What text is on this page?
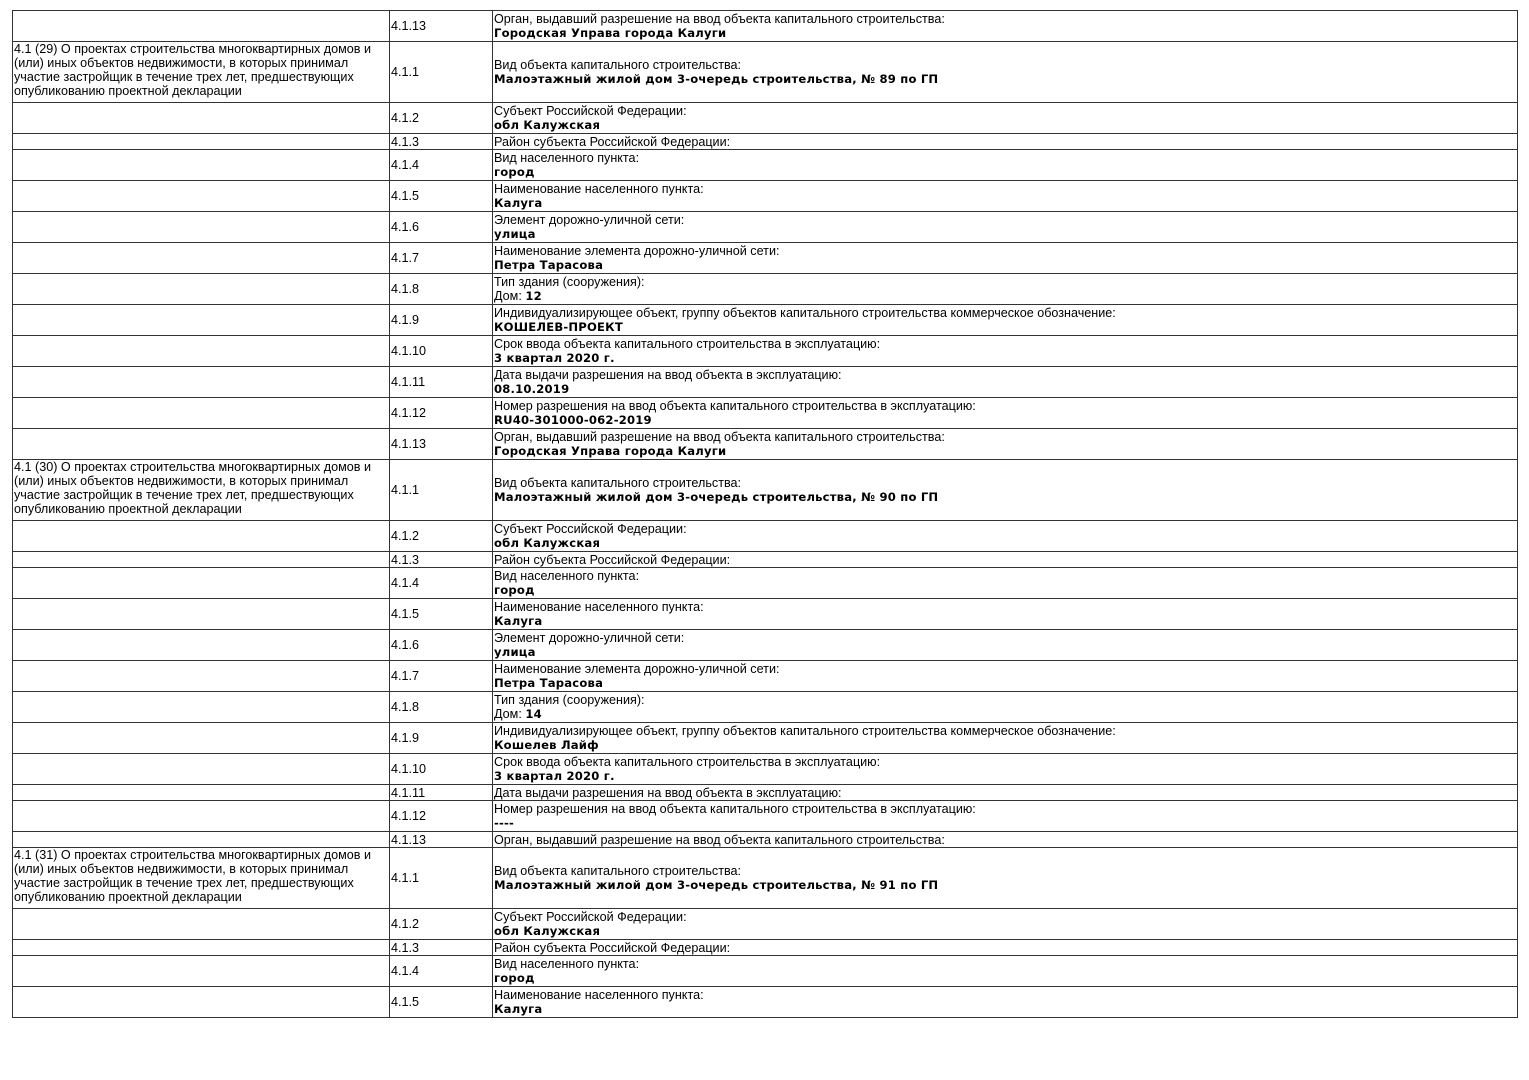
	4.1.13	Орган, выдавший разрешение на ввод объекта капитального строительства:
Городская Управа города Калуги

4.1 (29) О проектах строительства многоквартирных домов и (или) иных объектов недвижимости, в которых принимал участие застройщик в течение трех лет, предшествующих опубликованию проектной декларации	4.1.1	Вид объекта капитального строительства:
Малоэтажный жилой дом 3-очередь строительства, № 89 по ГП

	4.1.2	Субъект Российской Федерации:
обл Калужская

	4.1.3	Район субъекта Российской Федерации:

	4.1.4	Вид населенного пункта:
город

	4.1.5	Наименование населенного пункта:
Калуга

	4.1.6	Элемент дорожно-уличной сети:
улица

	4.1.7	Наименование элемента дорожно-уличной сети:
Петра Тарасова

	4.1.8	Тип здания (сооружения):
Дом: 12

	4.1.9	Индивидуализирующее объект, группу объектов капитального строительства коммерческое обозначение:
КОШЕЛЕВ-ПРОЕКТ

	4.1.10	Срок ввода объекта капитального строительства в эксплуатацию:
3 квартал 2020 г.

	4.1.11	Дата выдачи разрешения на ввод объекта в эксплуатацию:
08.10.2019

	4.1.12	Номер разрешения на ввод объекта капитального строительства в эксплуатацию:
RU40-301000-062-2019

	4.1.13	Орган, выдавший разрешение на ввод объекта капитального строительства:
Городская Управа города Калуги

4.1 (30) О проектах строительства многоквартирных домов и (или) иных объектов недвижимости, в которых принимал участие застройщик в течение трех лет, предшествующих опубликованию проектной декларации	4.1.1	Вид объекта капитального строительства:
Малоэтажный жилой дом 3-очередь строительства, № 90 по ГП

	4.1.2	Субъект Российской Федерации:
обл Калужская

	4.1.3	Район субъекта Российской Федерации:

	4.1.4	Вид населенного пункта:
город

	4.1.5	Наименование населенного пункта:
Калуга

	4.1.6	Элемент дорожно-уличной сети:
улица

	4.1.7	Наименование элемента дорожно-уличной сети:
Петра Тарасова

	4.1.8	Тип здания (сооружения):
Дом: 14

	4.1.9	Индивидуализирующее объект, группу объектов капитального строительства коммерческое обозначение:
Кошелев Лайф

	4.1.10	Срок ввода объекта капитального строительства в эксплуатацию:
3 квартал 2020 г.

	4.1.11	Дата выдачи разрешения на ввод объекта в эксплуатацию:

	4.1.12	Номер разрешения на ввод объекта капитального строительства в эксплуатацию:
----

	4.1.13	Орган, выдавший разрешение на ввод объекта капитального строительства:

4.1 (31) О проектах строительства многоквартирных домов и (или) иных объектов недвижимости, в которых принимал участие застройщик в течение трех лет, предшествующих опубликованию проектной декларации	4.1.1	Вид объекта капитального строительства:
Малоэтажный жилой дом 3-очередь строительства, № 91 по ГП

	4.1.2	Субъект Российской Федерации:
обл Калужская

	4.1.3	Район субъекта Российской Федерации:

	4.1.4	Вид населенного пункта:
город

	4.1.5	Наименование населенного пункта:
Калуга
